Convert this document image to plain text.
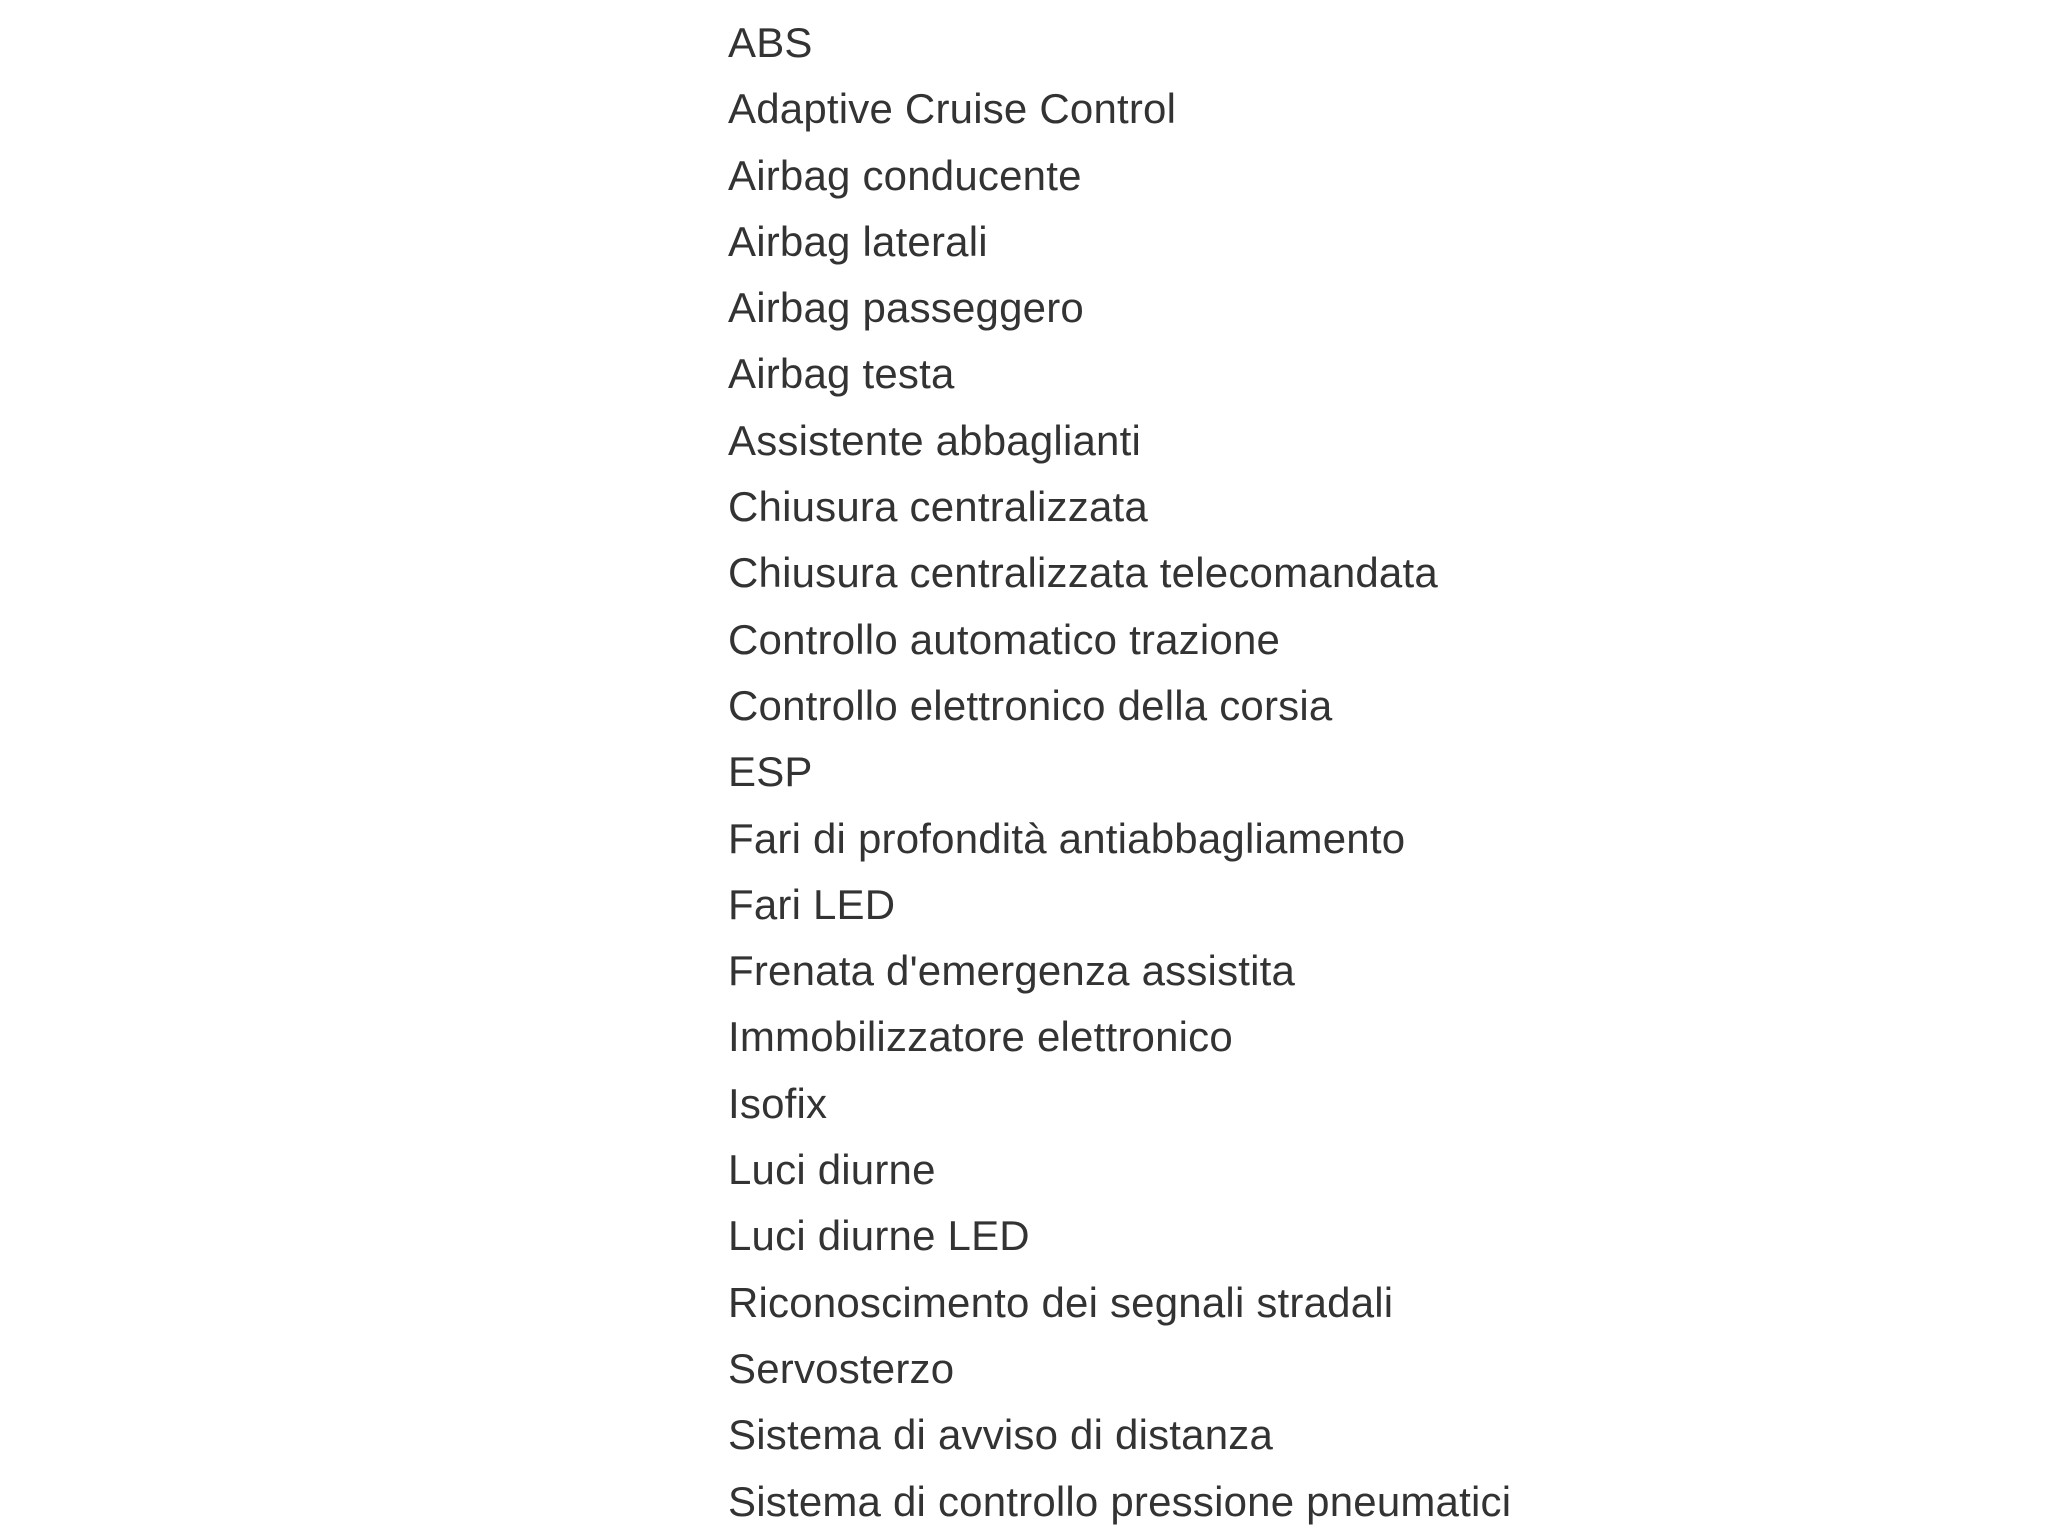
ABS
Adaptive Cruise Control
Airbag conducente
Airbag laterali
Airbag passeggero
Airbag testa
Assistente abbaglianti
Chiusura centralizzata
Chiusura centralizzata telecomandata
Controllo automatico trazione
Controllo elettronico della corsia
ESP
Fari di profondità antiabbagliamento
Fari LED
Frenata d'emergenza assistita
Immobilizzatore elettronico
Isofix
Luci diurne
Luci diurne LED
Riconoscimento dei segnali stradali
Servosterzo
Sistema di avviso di distanza
Sistema di controllo pressione pneumatici
